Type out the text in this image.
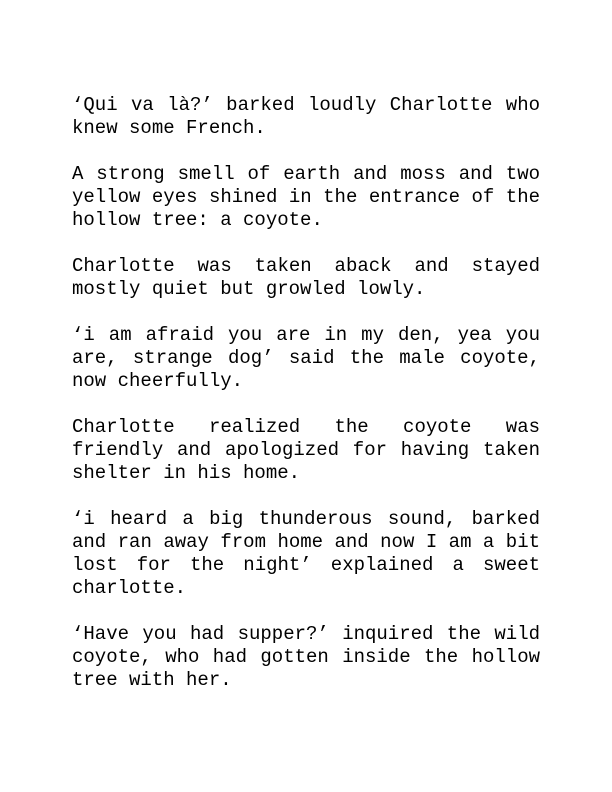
‘Qui va là?’ barked loudly Charlotte who knew some French.

A strong smell of earth and moss and two yellow eyes shined in the entrance of the hollow tree: a coyote.

Charlotte was taken aback and stayed mostly quiet but growled lowly.

‘i am afraid you are in my den, yea you are, strange dog’ said the male coyote, now cheerfully.

Charlotte realized the coyote was friendly and apologized for having taken shelter in his home.

‘i heard a big thunderous sound, barked and ran away from home and now I am a bit lost for the night’ explained a sweet charlotte.

‘Have you had supper?’ inquired the wild coyote, who had gotten inside the hollow tree with her.
